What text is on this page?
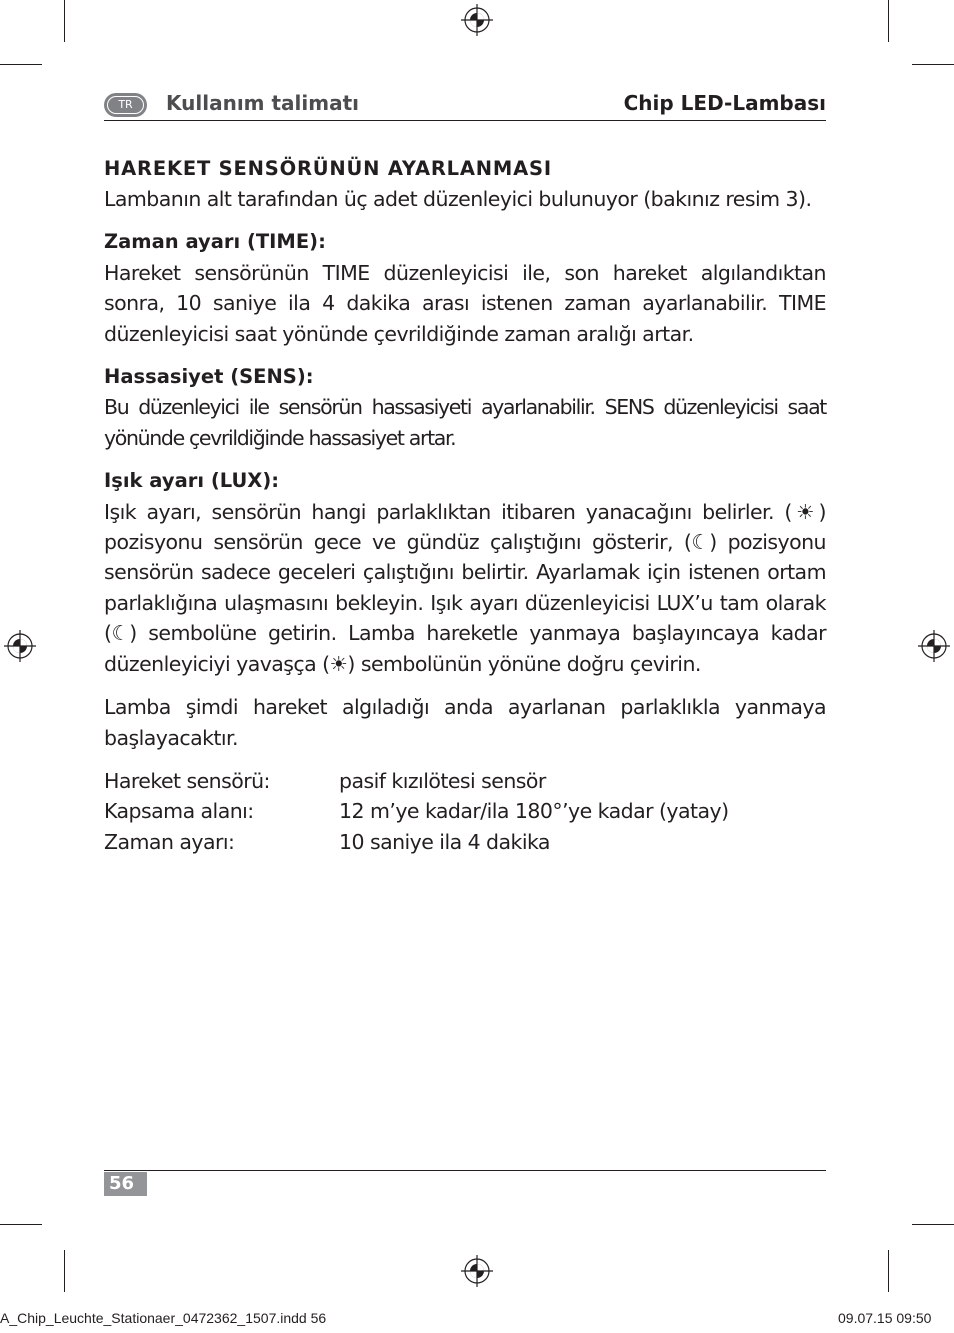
TR	Kullanım talimatı	Chip LED-Lambası

HAREKET SENSÖRÜNÜN AYARLANMASI

Lambanın alt tarafından üç adet düzenleyici bulunuyor (bakınız resim 3).

Zaman ayarı (TIME):

Hareket sensörünün TIME düzenleyicisi ile, son hareket algılandıktan sonra, 10 saniye ila 4 dakika arası istenen zaman ayarlanabilir. TIME düzenleyicisi saat yönünde çevrildiğinde zaman aralığı artar.

Hassasiyet (SENS):

Bu düzenleyici ile sensörün hassasiyeti ayarlanabilir. SENS düzenleyicisi saat yönünde çevrildiğinde hassasiyet artar.

Işık ayarı (LUX):

Işık ayarı, sensörün hangi parlaklıktan itibaren yanacağını belirler. (☀) pozisyonu sensörün gece ve gündüz çalıştığını gösterir, (☾) pozisyonu sensörün sadece geceleri çalıştığını belirtir. Ayarlamak için istenen ortam parlaklığına ulaşmasını bekleyin. Işık ayarı düzenleyicisi LUX’u tam olarak (☾) sembolüne getirin. Lamba hareketle yanmaya başlayıncaya kadar düzenleyiciyi yavaşça (☀) sembolünün yönüne doğru çevirin.

Lamba şimdi hareket algıladığı anda ayarlanan parlaklıkla yanmaya başlayacaktır.

Hareket sensörü:	pasif kızılötesi sensör

Kapsama alanı:	12 m’ye kadar/ila 180°’ye kadar (yatay)

Zaman ayarı:	10 saniye ila 4 dakika

56
A_Chip_Leuchte_Stationaer_0472362_1507.indd 56	09.07.15 09:50
